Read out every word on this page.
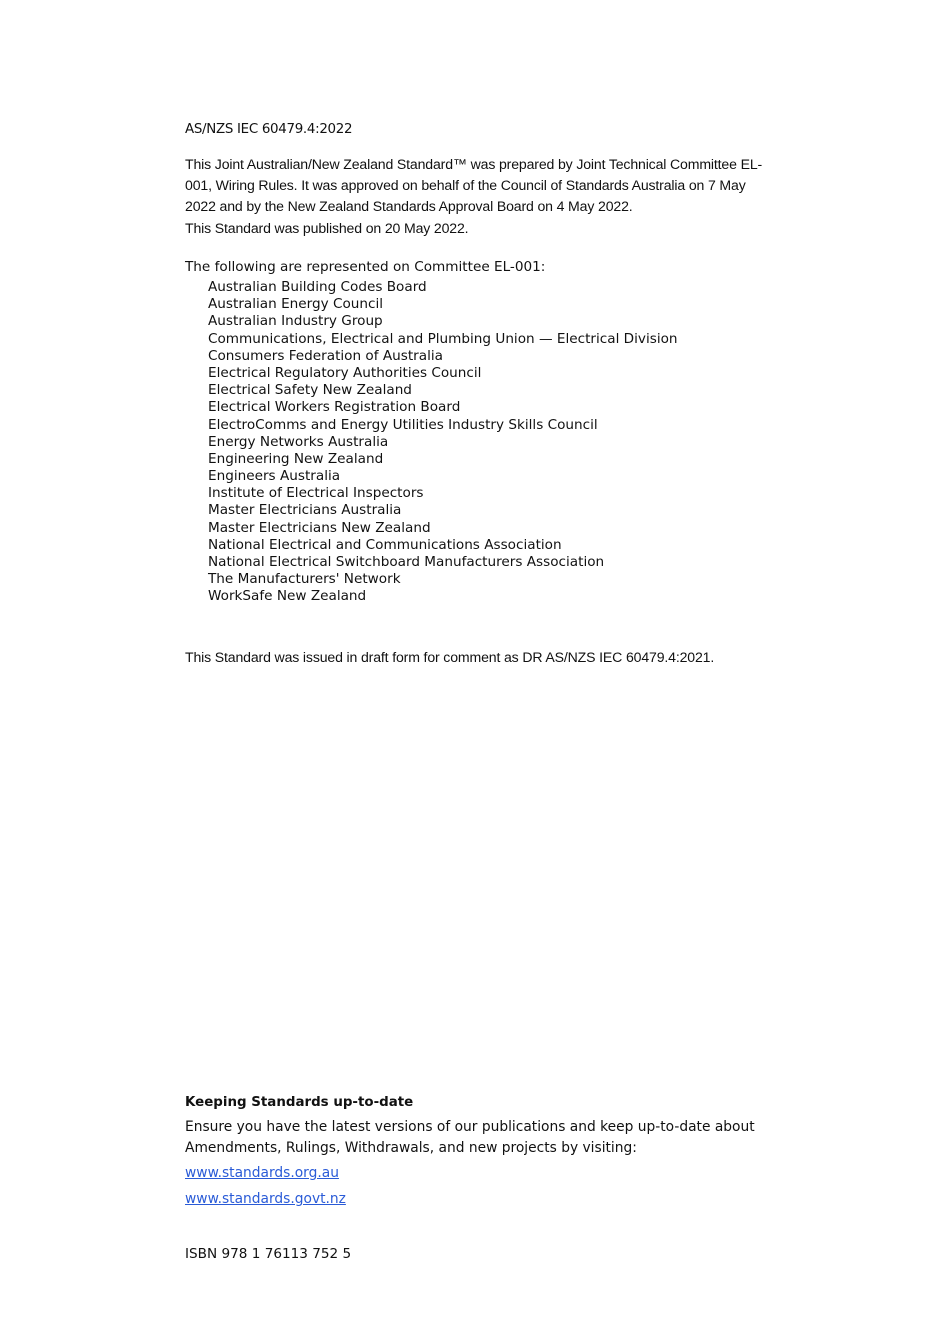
AS/NZS IEC 60479.4:2022
This Joint Australian/New Zealand Standard™ was prepared by Joint Technical Committee EL-001, Wiring Rules. It was approved on behalf of the Council of Standards Australia on 7 May 2022 and by the New Zealand Standards Approval Board on 4 May 2022.
This Standard was published on 20 May 2022.
The following are represented on Committee EL-001:
Australian Building Codes Board
Australian Energy Council
Australian Industry Group
Communications, Electrical and Plumbing Union — Electrical Division
Consumers Federation of Australia
Electrical Regulatory Authorities Council
Electrical Safety New Zealand
Electrical Workers Registration Board
ElectroComms and Energy Utilities Industry Skills Council
Energy Networks Australia
Engineering New Zealand
Engineers Australia
Institute of Electrical Inspectors
Master Electricians Australia
Master Electricians New Zealand
National Electrical and Communications Association
National Electrical Switchboard Manufacturers Association
The Manufacturers' Network
WorkSafe New Zealand
This Standard was issued in draft form for comment as DR AS/NZS IEC 60479.4:2021.
Keeping Standards up-to-date
Ensure you have the latest versions of our publications and keep up-to-date about Amendments, Rulings, Withdrawals, and new projects by visiting:
www.standards.org.au
www.standards.govt.nz
ISBN 978 1 76113 752 5
